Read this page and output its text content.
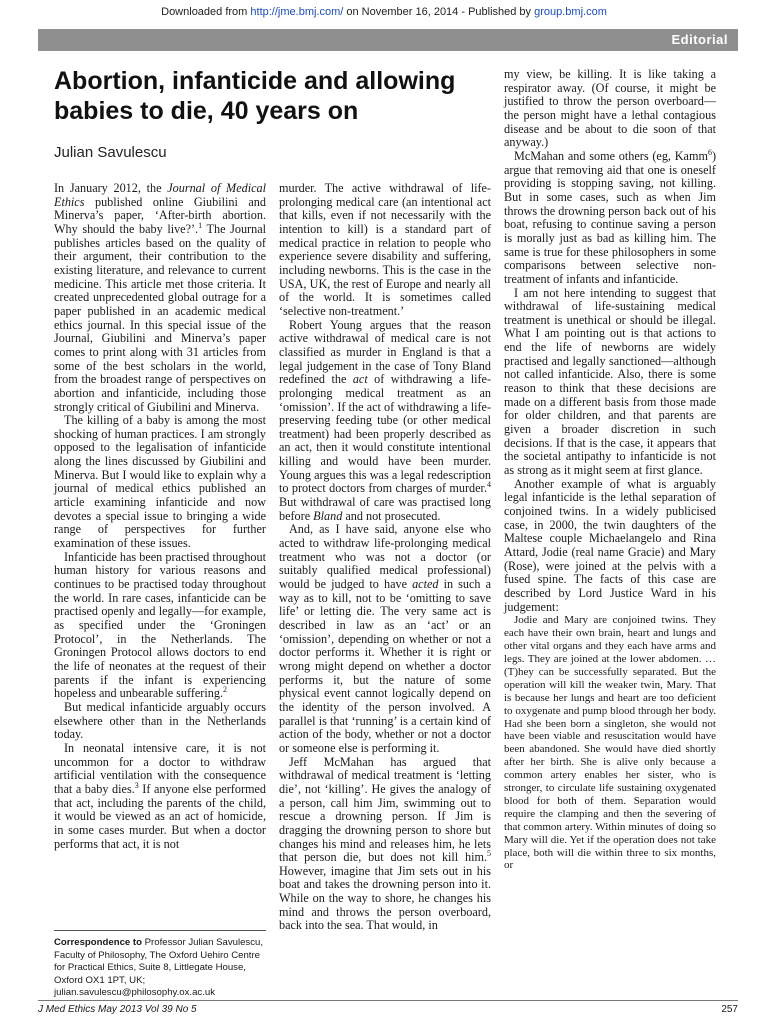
Downloaded from http://jme.bmj.com/ on November 16, 2014 - Published by group.bmj.com
Editorial
Abortion, infanticide and allowing babies to die, 40 years on
Julian Savulescu

In January 2012, the Journal of Medical Ethics published online Giubilini and Minerva’s paper, ‘After-birth abortion. Why should the baby live?’.$^1$ The Journal publishes articles based on the quality of their argument, their contribution to the existing literature, and relevance to current medicine. This article met those criteria. It created unprecedented global outrage for a paper published in an academic medical ethics journal. In this special issue of the Journal, Giubilini and Minerva’s paper comes to print along with 31 articles from some of the best scholars in the world, from the broadest range of perspectives on abortion and infanticide, including those strongly critical of Giubilini and Minerva.

The killing of a baby is among the most shocking of human practices. I am strongly opposed to the legalisation of infanticide along the lines discussed by Giubilini and Minerva. But I would like to explain why a journal of medical ethics published an article examining infanticide and now devotes a special issue to bringing a wide range of perspectives for further examination of these issues.

Infanticide has been practised throughout human history for various reasons and continues to be practised today throughout the world. In rare cases, infanticide can be practised openly and legally—for example, as specified under the ‘Groningen Protocol’, in the Netherlands. The Groningen Protocol allows doctors to end the life of neonates at the request of their parents if the infant is experiencing hopeless and unbearable suffering.$^2$

But medical infanticide arguably occurs elsewhere other than in the Netherlands today.

In neonatal intensive care, it is not uncommon for a doctor to withdraw artificial ventilation with the consequence that a baby dies.$^3$ If anyone else performed that act, including the parents of the child, it would be viewed as an act of homicide, in some cases murder. But when a doctor performs that act, it is not

murder. The active withdrawal of life-prolonging medical care (an intentional act that kills, even if not necessarily with the intention to kill) is a standard part of medical practice in relation to people who experience severe disability and suffering, including newborns. This is the case in the USA, UK, the rest of Europe and nearly all of the world. It is sometimes called ‘selective non-treatment.’

Robert Young argues that the reason active withdrawal of medical care is not classified as murder in England is that a legal judgement in the case of Tony Bland redefined the act of withdrawing a life-prolonging medical treatment as an ‘omission’. If the act of withdrawing a life-preserving feeding tube (or other medical treatment) had been properly described as an act, then it would constitute intentional killing and would have been murder. Young argues this was a legal redescription to protect doctors from charges of murder.$^4$ But withdrawal of care was practised long before Bland and not prosecuted.

And, as I have said, anyone else who acted to withdraw life-prolonging medical treatment who was not a doctor (or suitably qualified medical professional) would be judged to have acted in such a way as to kill, not to be ‘omitting to save life’ or letting die. The very same act is described in law as an ‘act’ or an ‘omission’, depending on whether or not a doctor performs it. Whether it is right or wrong might depend on whether a doctor performs it, but the nature of some physical event cannot logically depend on the identity of the person involved. A parallel is that ‘running’ is a certain kind of action of the body, whether or not a doctor or someone else is performing it.

Jeff McMahan has argued that withdrawal of medical treatment is ‘letting die’, not ‘killing’. He gives the analogy of a person, call him Jim, swimming out to rescue a drowning person. If Jim is dragging the drowning person to shore but changes his mind and releases him, he lets that person die, but does not kill him.$^5$ However, imagine that Jim sets out in his boat and takes the drowning person into it. While on the way to shore, he changes his mind and throws the person overboard, back into the sea. That would, in

my view, be killing. It is like taking a respirator away. (Of course, it might be justified to throw the person overboard—the person might have a lethal contagious disease and be about to die soon of that anyway.)

McMahan and some others (eg, Kamm$^6$) argue that removing aid that one is oneself providing is stopping saving, not killing. But in some cases, such as when Jim throws the drowning person back out of his boat, refusing to continue saving a person is morally just as bad as killing him. The same is true for these philosophers in some comparisons between selective non-treatment of infants and infanticide.

I am not here intending to suggest that withdrawal of life-sustaining medical treatment is unethical or should be illegal. What I am pointing out is that actions to end the life of newborns are widely practised and legally sanctioned—although not called infanticide. Also, there is some reason to think that these decisions are made on a different basis from those made for older children, and that parents are given a broader discretion in such decisions. If that is the case, it appears that the societal antipathy to infanticide is not as strong as it might seem at first glance.

Another example of what is arguably legal infanticide is the lethal separation of conjoined twins. In a widely publicised case, in 2000, the twin daughters of the Maltese couple Michaelangelo and Rina Attard, Jodie (real name Gracie) and Mary (Rose), were joined at the pelvis with a fused spine. The facts of this case are described by Lord Justice Ward in his judgement:

Jodie and Mary are conjoined twins. They each have their own brain, heart and lungs and other vital organs and they each have arms and legs. They are joined at the lower abdomen. … (T)hey can be successfully separated. But the operation will kill the weaker twin, Mary. That is because her lungs and heart are too deficient to oxygenate and pump blood through her body. Had she been born a singleton, she would not have been viable and resuscitation would have been abandoned. She would have died shortly after her birth. She is alive only because a common artery enables her sister, who is stronger, to circulate life sustaining oxygenated blood for both of them. Separation would require the clamping and then the severing of that common artery. Within minutes of doing so Mary will die. Yet if the operation does not take place, both will die within three to six months, or

Correspondence to Professor Julian Savulescu, Faculty of Philosophy, The Oxford Uehiro Centre for Practical Ethics, Suite 8, Littlegate House, Oxford OX1 1PT, UK; julian.savulescu@philosophy.ox.ac.uk
J Med Ethics May 2013 Vol 39 No 5	257
